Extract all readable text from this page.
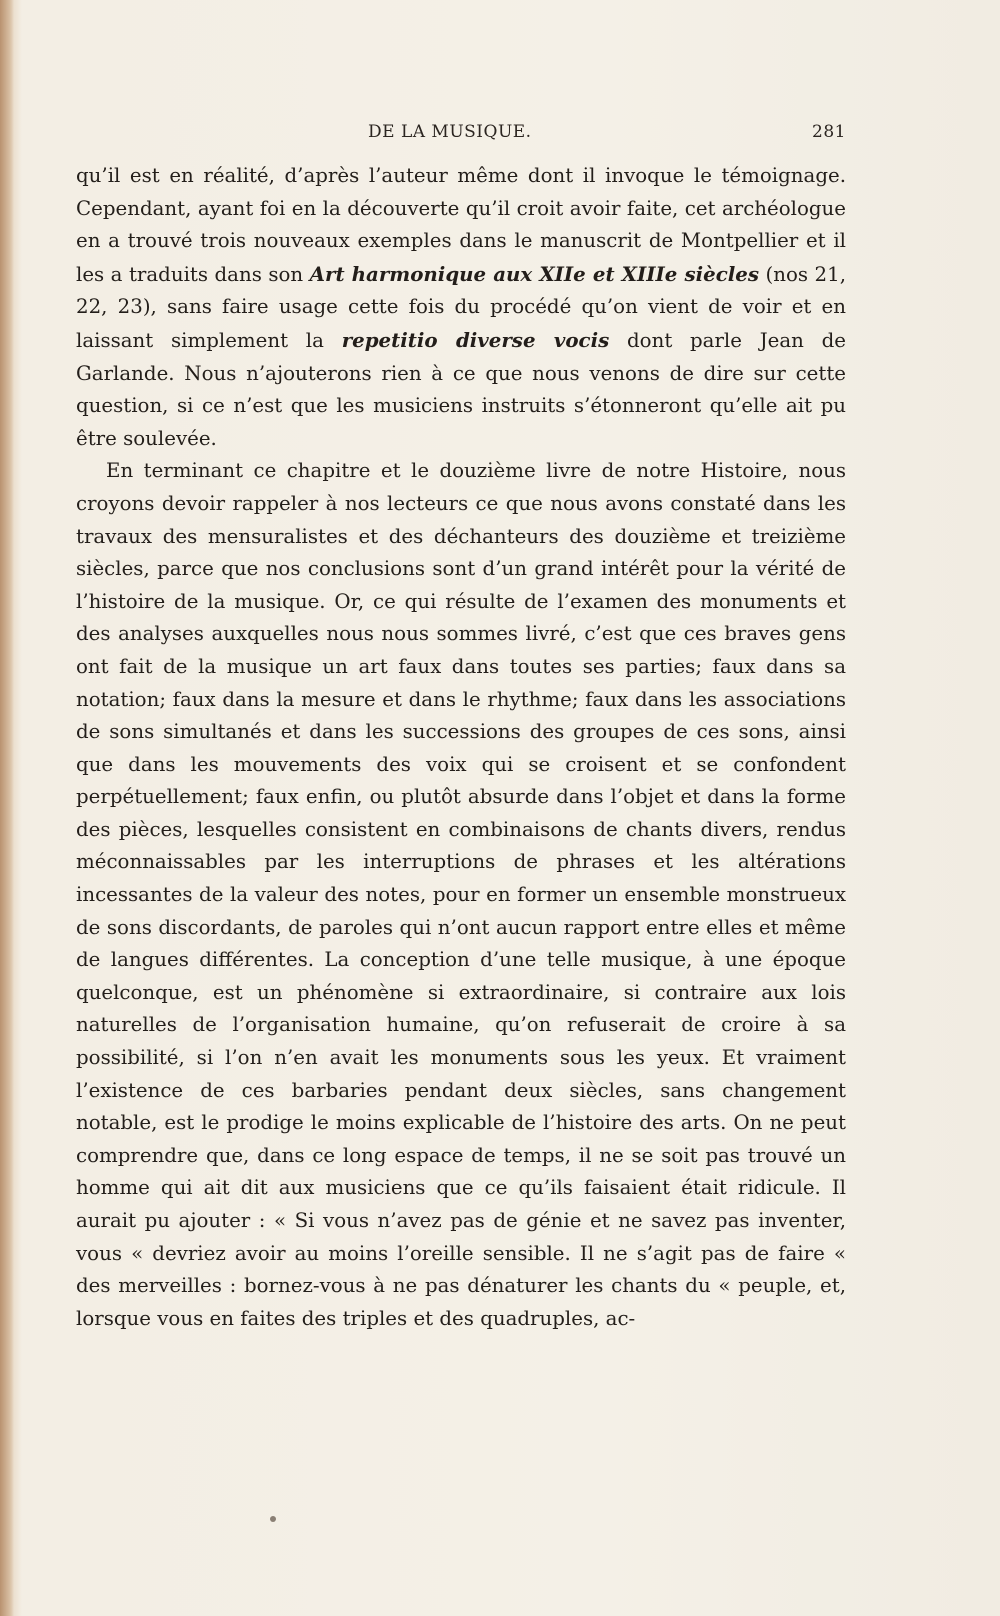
DE LA MUSIQUE.	281

qu’il est en réalité, d’après l’auteur même dont il invoque le témoignage. Cependant, ayant foi en la découverte qu’il croit avoir faite, cet archéologue en a trouvé trois nouveaux exemples dans le manuscrit de Montpellier et il les a traduits dans son Art harmonique aux XIIe et XIIIe siècles (nos 21, 22, 23), sans faire usage cette fois du procédé qu’on vient de voir et en laissant simplement la repetitio diverse vocis dont parle Jean de Garlande. Nous n’ajouterons rien à ce que nous venons de dire sur cette question, si ce n’est que les musiciens instruits s’étonneront qu’elle ait pu être soulevée.

En terminant ce chapitre et le douzième livre de notre Histoire, nous croyons devoir rappeler à nos lecteurs ce que nous avons constaté dans les travaux des mensuralistes et des déchanteurs des douzième et treizième siècles, parce que nos conclusions sont d’un grand intérêt pour la vérité de l’histoire de la musique. Or, ce qui résulte de l’examen des monuments et des analyses auxquelles nous nous sommes livré, c’est que ces braves gens ont fait de la musique un art faux dans toutes ses parties; faux dans sa notation; faux dans la mesure et dans le rhythme; faux dans les associations de sons simultanés et dans les successions des groupes de ces sons, ainsi que dans les mouvements des voix qui se croisent et se confondent perpétuellement; faux enfin, ou plutôt absurde dans l’objet et dans la forme des pièces, lesquelles consistent en combinaisons de chants divers, rendus méconnaissables par les interruptions de phrases et les altérations incessantes de la valeur des notes, pour en former un ensemble monstrueux de sons discordants, de paroles qui n’ont aucun rapport entre elles et même de langues différentes. La conception d’une telle musique, à une époque quelconque, est un phénomène si extraordinaire, si contraire aux lois naturelles de l’organisation humaine, qu’on refuserait de croire à sa possibilité, si l’on n’en avait les monuments sous les yeux. Et vraiment l’existence de ces barbaries pendant deux siècles, sans changement notable, est le prodige le moins explicable de l’histoire des arts. On ne peut comprendre que, dans ce long espace de temps, il ne se soit pas trouvé un homme qui ait dit aux musiciens que ce qu’ils faisaient était ridicule. Il aurait pu ajouter : « Si vous n’avez pas de génie et ne savez pas inventer, vous « devriez avoir au moins l’oreille sensible. Il ne s’agit pas de faire « des merveilles : bornez-vous à ne pas dénaturer les chants du « peuple, et, lorsque vous en faites des triples et des quadruples, ac-
